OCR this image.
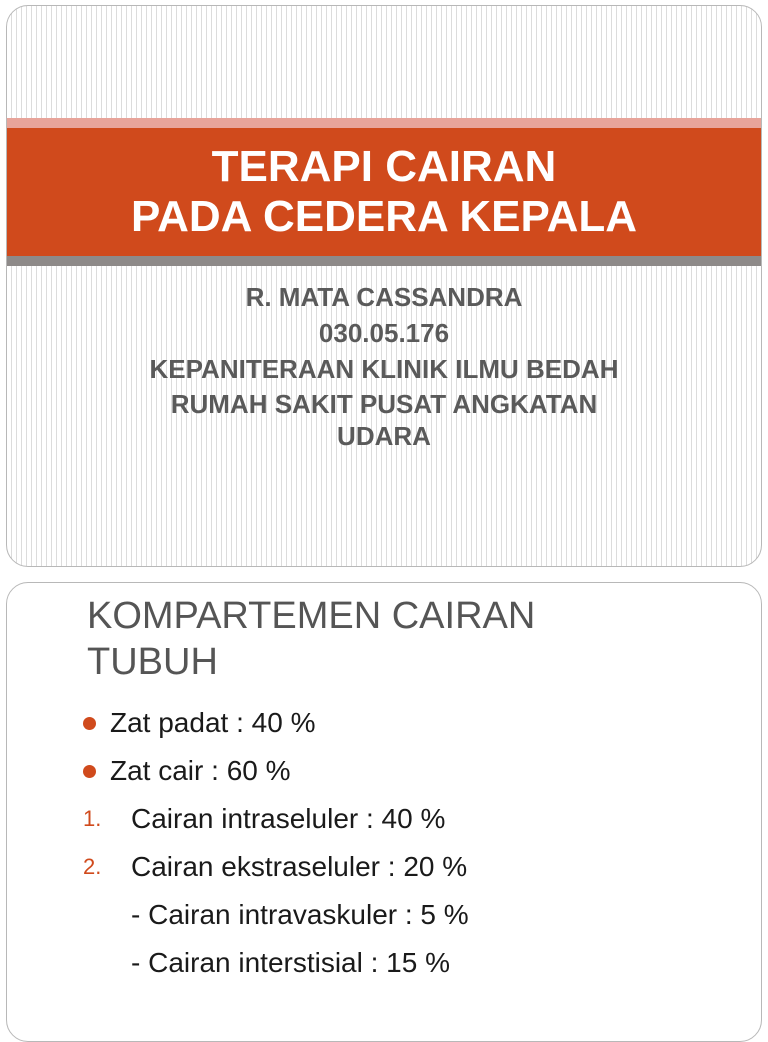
TERAPI CAIRAN
PADA CEDERA KEPALA
R. MATA CASSANDRA
030.05.176
KEPANITERAAN KLINIK ILMU BEDAH
RUMAH SAKIT PUSAT ANGKATAN
UDARA
KOMPARTEMEN CAIRAN
TUBUH
Zat padat : 40 %
Zat cair : 60 %
1. Cairan intraseluler : 40 %
2. Cairan ekstraseluler : 20 %
- Cairan intravaskuler : 5 %
- Cairan interstisial : 15 %
